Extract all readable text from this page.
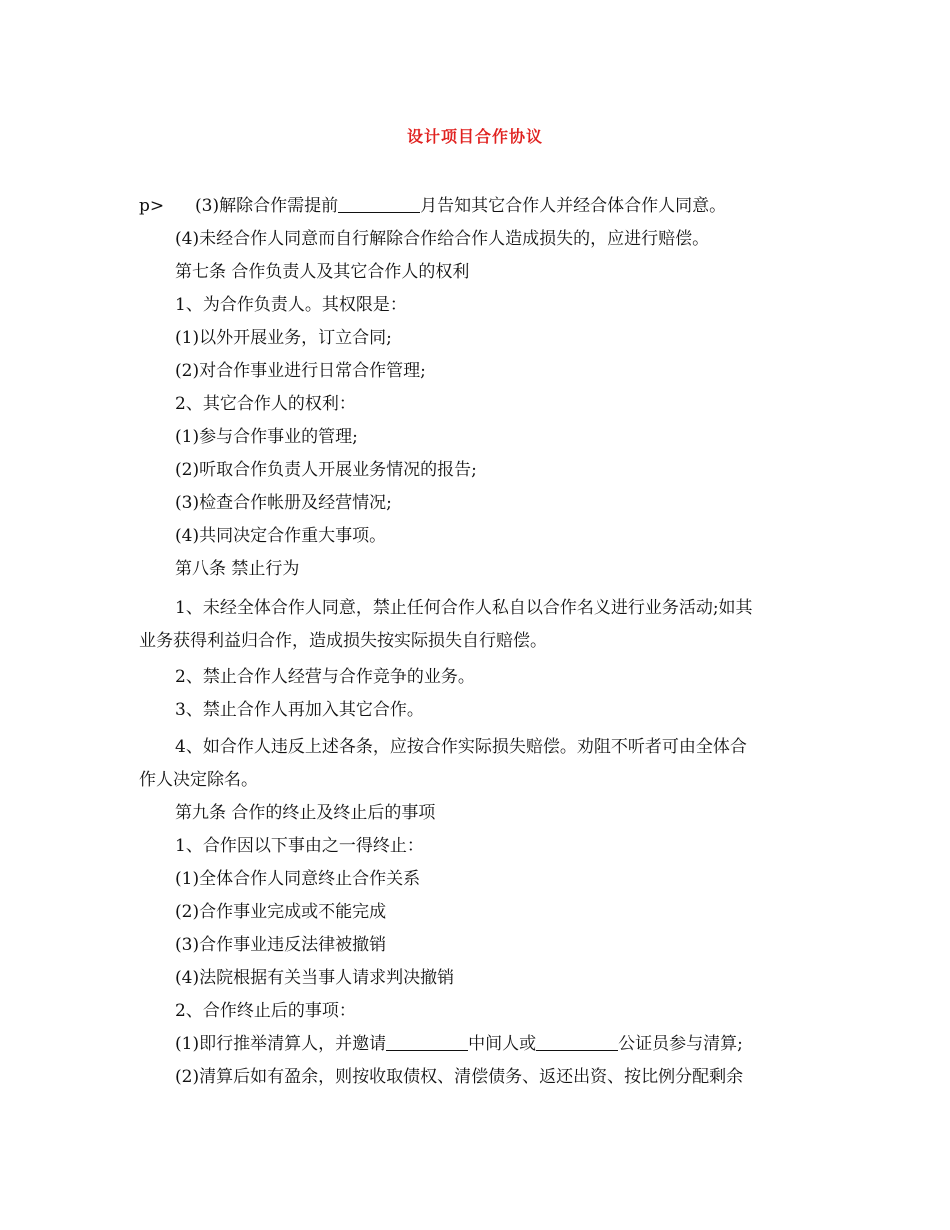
设计项目合作协议
p> (3)解除合作需提前	月告知其它合作人并经合体合作人同意。
(4)未经合作人同意而自行解除合作给合作人造成损失的，应进行赔偿。
第七条 合作负责人及其它合作人的权利
1、为合作负责人。其权限是：
(1)以外开展业务，订立合同;
(2)对合作事业进行日常合作管理;
2、其它合作人的权利：
(1)参与合作事业的管理;
(2)听取合作负责人开展业务情况的报告;
(3)检查合作帐册及经营情况;
(4)共同决定合作重大事项。
第八条 禁止行为
1、未经全体合作人同意，禁止任何合作人私自以合作名义进行业务活动;如其
业务获得利益归合作，造成损失按实际损失自行赔偿。
2、禁止合作人经营与合作竞争的业务。
3、禁止合作人再加入其它合作。
4、如合作人违反上述各条，应按合作实际损失赔偿。劝阻不听者可由全体合
作人决定除名。
第九条 合作的终止及终止后的事项
1、合作因以下事由之一得终止：
(1)全体合作人同意终止合作关系
(2)合作事业完成或不能完成
(3)合作事业违反法律被撤销
(4)法院根据有关当事人请求判决撤销
2、合作终止后的事项：
(1)即行推举清算人，并邀请	中间人或	公证员参与清算;
(2)清算后如有盈余，则按收取债权、清偿债务、返还出资、按比例分配剩余
